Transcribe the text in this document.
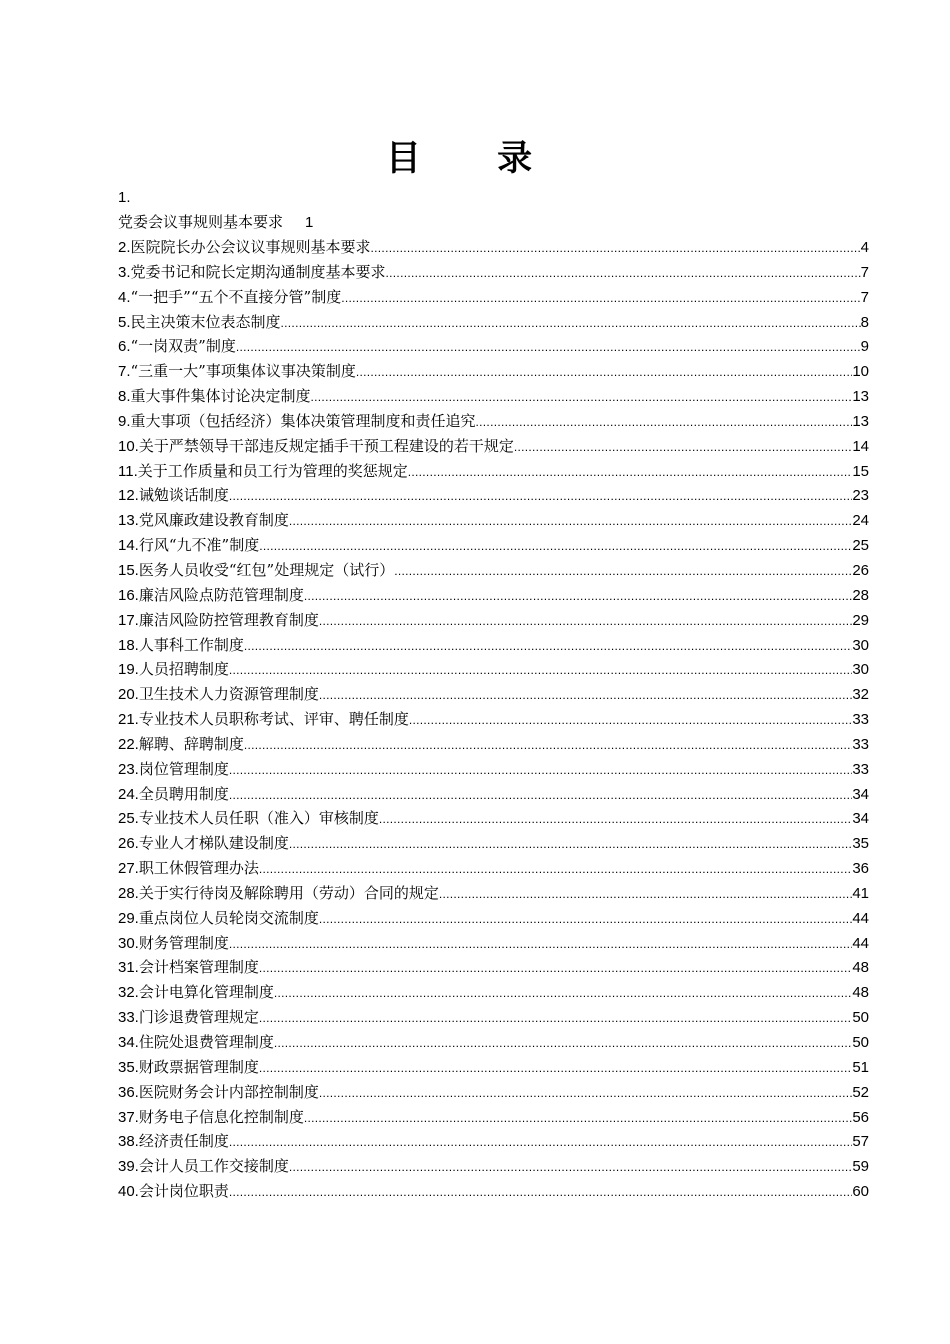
目 录
1.
党委会议事规则基本要求 1
2. 医院院长办公会议议事规则基本要求 .....	4
3. 党委书记和院长定期沟通制度基本要求 .....	7
4. “一把手”“五个不直接分管”制度 .....	7
5. 民主决策末位表态制度 .....	8
6. “一岗双责”制度 .....	9
7. “三重一大”事项集体议事决策制度 .....	10
8. 重大事件集体讨论决定制度 .....	13
9. 重大事项（包括经济）集体决策管理制度和责任追究 .....	13
10. 关于严禁领导干部违反规定插手干预工程建设的若干规定 .....	14
11. 关于工作质量和员工行为管理的奖惩规定 .....	15
12. 诫勉谈话制度 .....	23
13. 党风廉政建设教育制度 .....	24
14. 行风“九不准”制度 .....	25
15. 医务人员收受“红包”处理规定（试行） .....	26
16. 廉洁风险点防范管理制度 .....	28
17. 廉洁风险防控管理教育制度 .....	29
18. 人事科工作制度 .....	30
19. 人员招聘制度 .....	30
20. 卫生技术人力资源管理制度 .....	32
21. 专业技术人员职称考试、评审、聘任制度 .....	33
22. 解聘、辞聘制度 .....	33
23. 岗位管理制度 .....	33
24. 全员聘用制度 .....	34
25. 专业技术人员任职（准入）审核制度 .....	34
26. 专业人才梯队建设制度 .....	35
27. 职工休假管理办法 .....	36
28. 关于实行待岗及解除聘用（劳动）合同的规定 .....	41
29. 重点岗位人员轮岗交流制度 .....	44
30. 财务管理制度 .....	44
31. 会计档案管理制度 .....	48
32. 会计电算化管理制度 .....	48
33. 门诊退费管理规定 .....	50
34. 住院处退费管理制度 .....	50
35. 财政票据管理制度 .....	51
36. 医院财务会计内部控制制度 .....	52
37. 财务电子信息化控制制度 .....	56
38. 经济责任制度 .....	57
39. 会计人员工作交接制度 .....	59
40. 会计岗位职责 .....	60
